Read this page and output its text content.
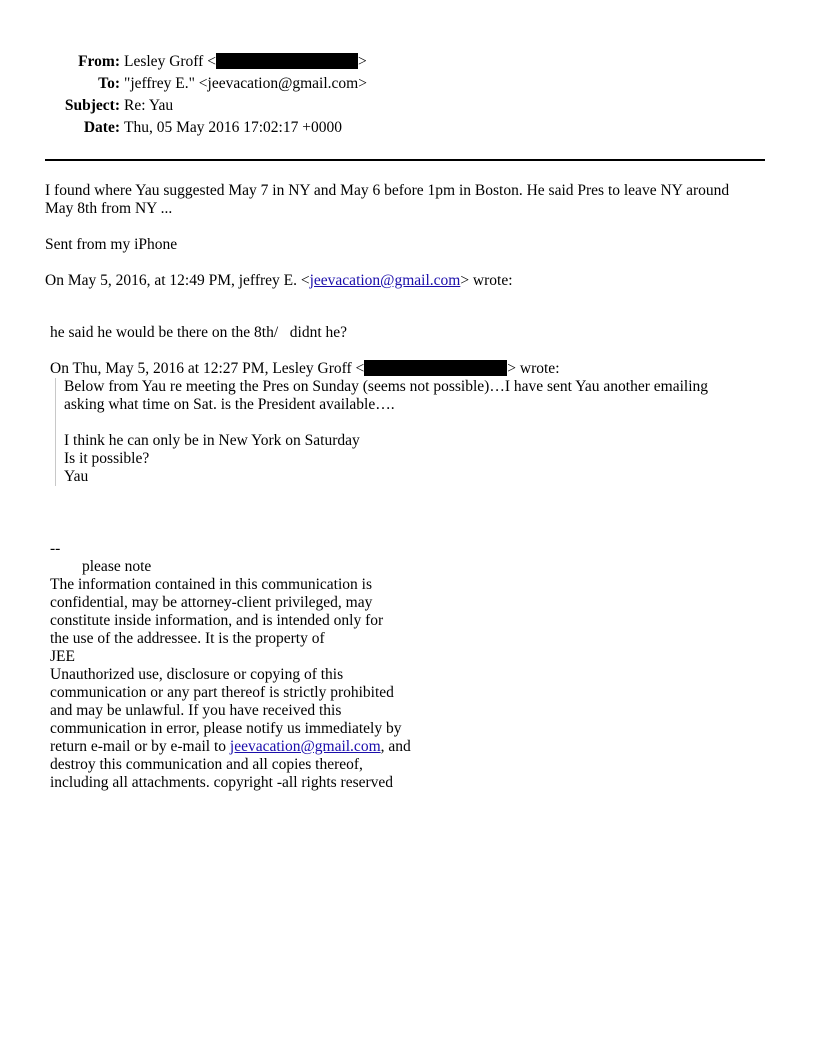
From: Lesley Groff <	>
To: "jeffrey E." <jeevacation@gmail.com>
Subject: Re: Yau
Date: Thu, 05 May 2016 17:02:17 +0000
I found where Yau suggested May 7 in NY and May 6 before 1pm in Boston. He said Pres to leave NY around
May 8th from NY ...
Sent from my iPhone
On May 5, 2016, at 12:49 PM, jeffrey E. <jeevacation@gmail.com> wrote:
he said he would be there on the 8th/   didnt he?
On Thu, May 5, 2016 at 12:27 PM, Lesley Groff <	> wrote:
Below from Yau re meeting the Pres on Sunday (seems not possible)…I have sent Yau another emailing
asking what time on Sat. is the President available….
I think he can only be in New York on Saturday
Is it possible?
Yau
--
please note
The information contained in this communication is
confidential, may be attorney-client privileged, may
constitute inside information, and is intended only for
the use of the addressee. It is the property of
JEE
Unauthorized use, disclosure or copying of this
communication or any part thereof is strictly prohibited
and may be unlawful. If you have received this
communication in error, please notify us immediately by
return e-mail or by e-mail to jeevacation@gmail.com, and
destroy this communication and all copies thereof,
including all attachments. copyright -all rights reserved
